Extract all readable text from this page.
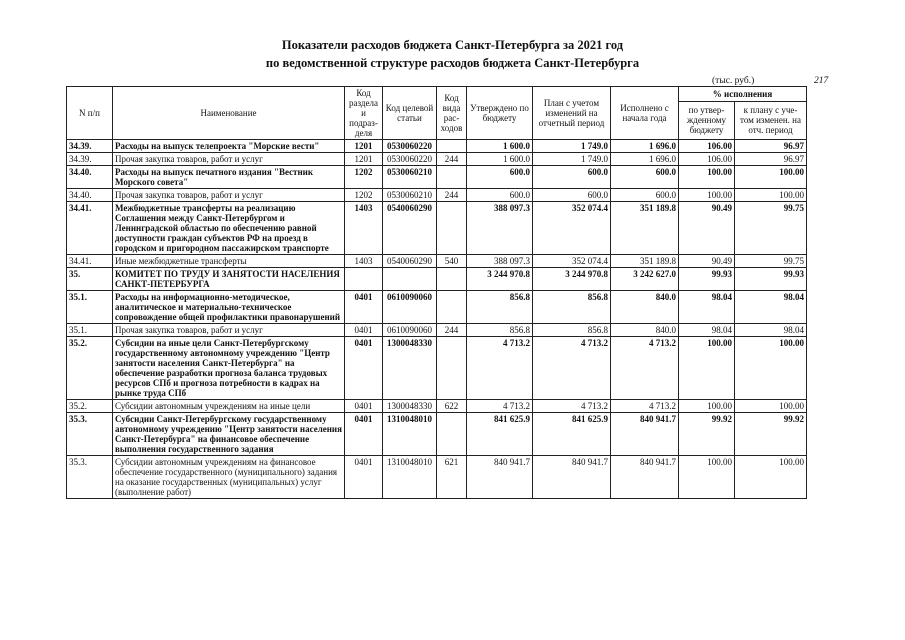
Показатели расходов бюджета Санкт-Петербурга за 2021 год
по ведомственной структуре расходов бюджета Санкт-Петербурга
(тыс. руб.)	217
N п/п	Наименование	Код раздела и подраз-деля	Код целевой статьи	Код вида рас-ходов	Утверждено по бюджету	План с учетом изменений на отчетный период	Исполнено с начала года	% исполнения	
								по утвер-жденному бюджету	к плану с уче-том изменен. на отч. период
34.39.	Расходы на выпуск телепроекта "Морские вести"	1201	0530060220		1 600.0	1 749.0	1 696.0	106.00	96.97
34.39.	Прочая закупка товаров, работ и услуг	1201	0530060220	244	1 600.0	1 749.0	1 696.0	106.00	96.97
34.40.	Расходы на выпуск печатного издания "Вестник Морского совета"	1202	0530060210		600.0	600.0	600.0	100.00	100.00
34.40.	Прочая закупка товаров, работ и услуг	1202	0530060210	244	600.0	600.0	600.0	100.00	100.00
34.41.	Межбюджетные трансферты на реализацию Соглашения между Санкт-Петербургом и Ленинградской областью по обеспечению равной доступности граждан субъектов РФ на проезд в городском и пригородном пассажирском транспорте	1403	0540060290		388 097.3	352 074.4	351 189.8	90.49	99.75
34.41.	Иные межбюджетные трансферты	1403	0540060290	540	388 097.3	352 074.4	351 189.8	90.49	99.75
35.	КОМИТЕТ ПО ТРУДУ И ЗАНЯТОСТИ НАСЕЛЕНИЯ САНКТ-ПЕТЕРБУРГА				3 244 970.8	3 244 970.8	3 242 627.0	99.93	99.93
35.1.	Расходы на информационно-методическое, аналитическое и материально-техническое сопровождение общей профилактики правонарушений	0401	0610090060		856.8	856.8	840.0	98.04	98.04
35.1.	Прочая закупка товаров, работ и услуг	0401	0610090060	244	856.8	856.8	840.0	98.04	98.04
35.2.	Субсидии на иные цели Санкт-Петербургскому государственному автономному учреждению "Центр занятости населения Санкт-Петербурга" на обеспечение разработки прогноза баланса трудовых ресурсов СПб и прогноза потребности в кадрах на рынке труда СПб	0401	1300048330		4 713.2	4 713.2	4 713.2	100.00	100.00
35.2.	Субсидии автономным учреждениям на иные цели	0401	1300048330	622	4 713.2	4 713.2	4 713.2	100.00	100.00
35.3.	Субсидии Санкт-Петербургскому государственному автономному учреждению "Центр занятости населения Санкт-Петербурга" на финансовое обеспечение выполнения государственного задания	0401	1310048010		841 625.9	841 625.9	840 941.7	99.92	99.92
35.3.	Субсидии автономным учреждениям на финансовое обеспечение государственного (муниципального) задания на оказание государственных (муниципальных) услуг (выполнение работ)	0401	1310048010	621	840 941.7	840 941.7	840 941.7	100.00	100.00
